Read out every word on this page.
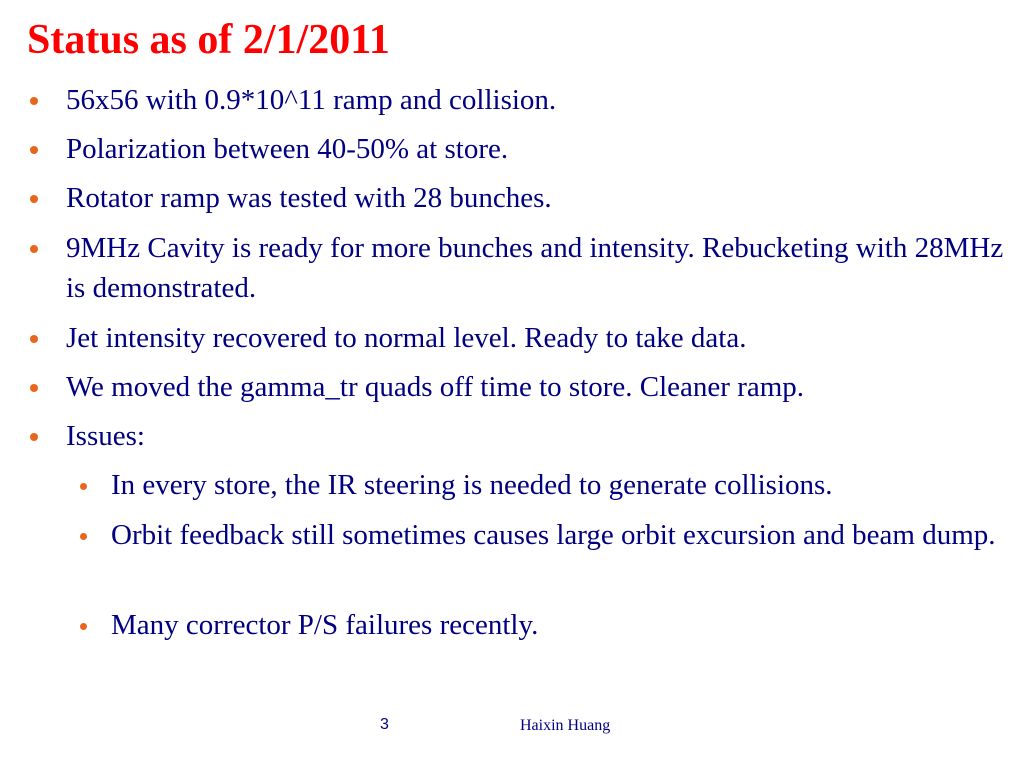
Status as of 2/1/2011
56x56 with 0.9*10^11 ramp and collision.
Polarization between 40-50% at store.
Rotator ramp was tested with 28 bunches.
9MHz Cavity is ready for more bunches and intensity. Rebucketing with 28MHz is demonstrated.
Jet intensity recovered to normal level. Ready to take data.
We moved the gamma_tr quads off time to store. Cleaner ramp.
Issues:
In every store, the IR steering is needed to generate collisions.
Orbit feedback still sometimes causes large orbit excursion and beam dump.
Many corrector P/S failures recently.
3	Haixin Huang
